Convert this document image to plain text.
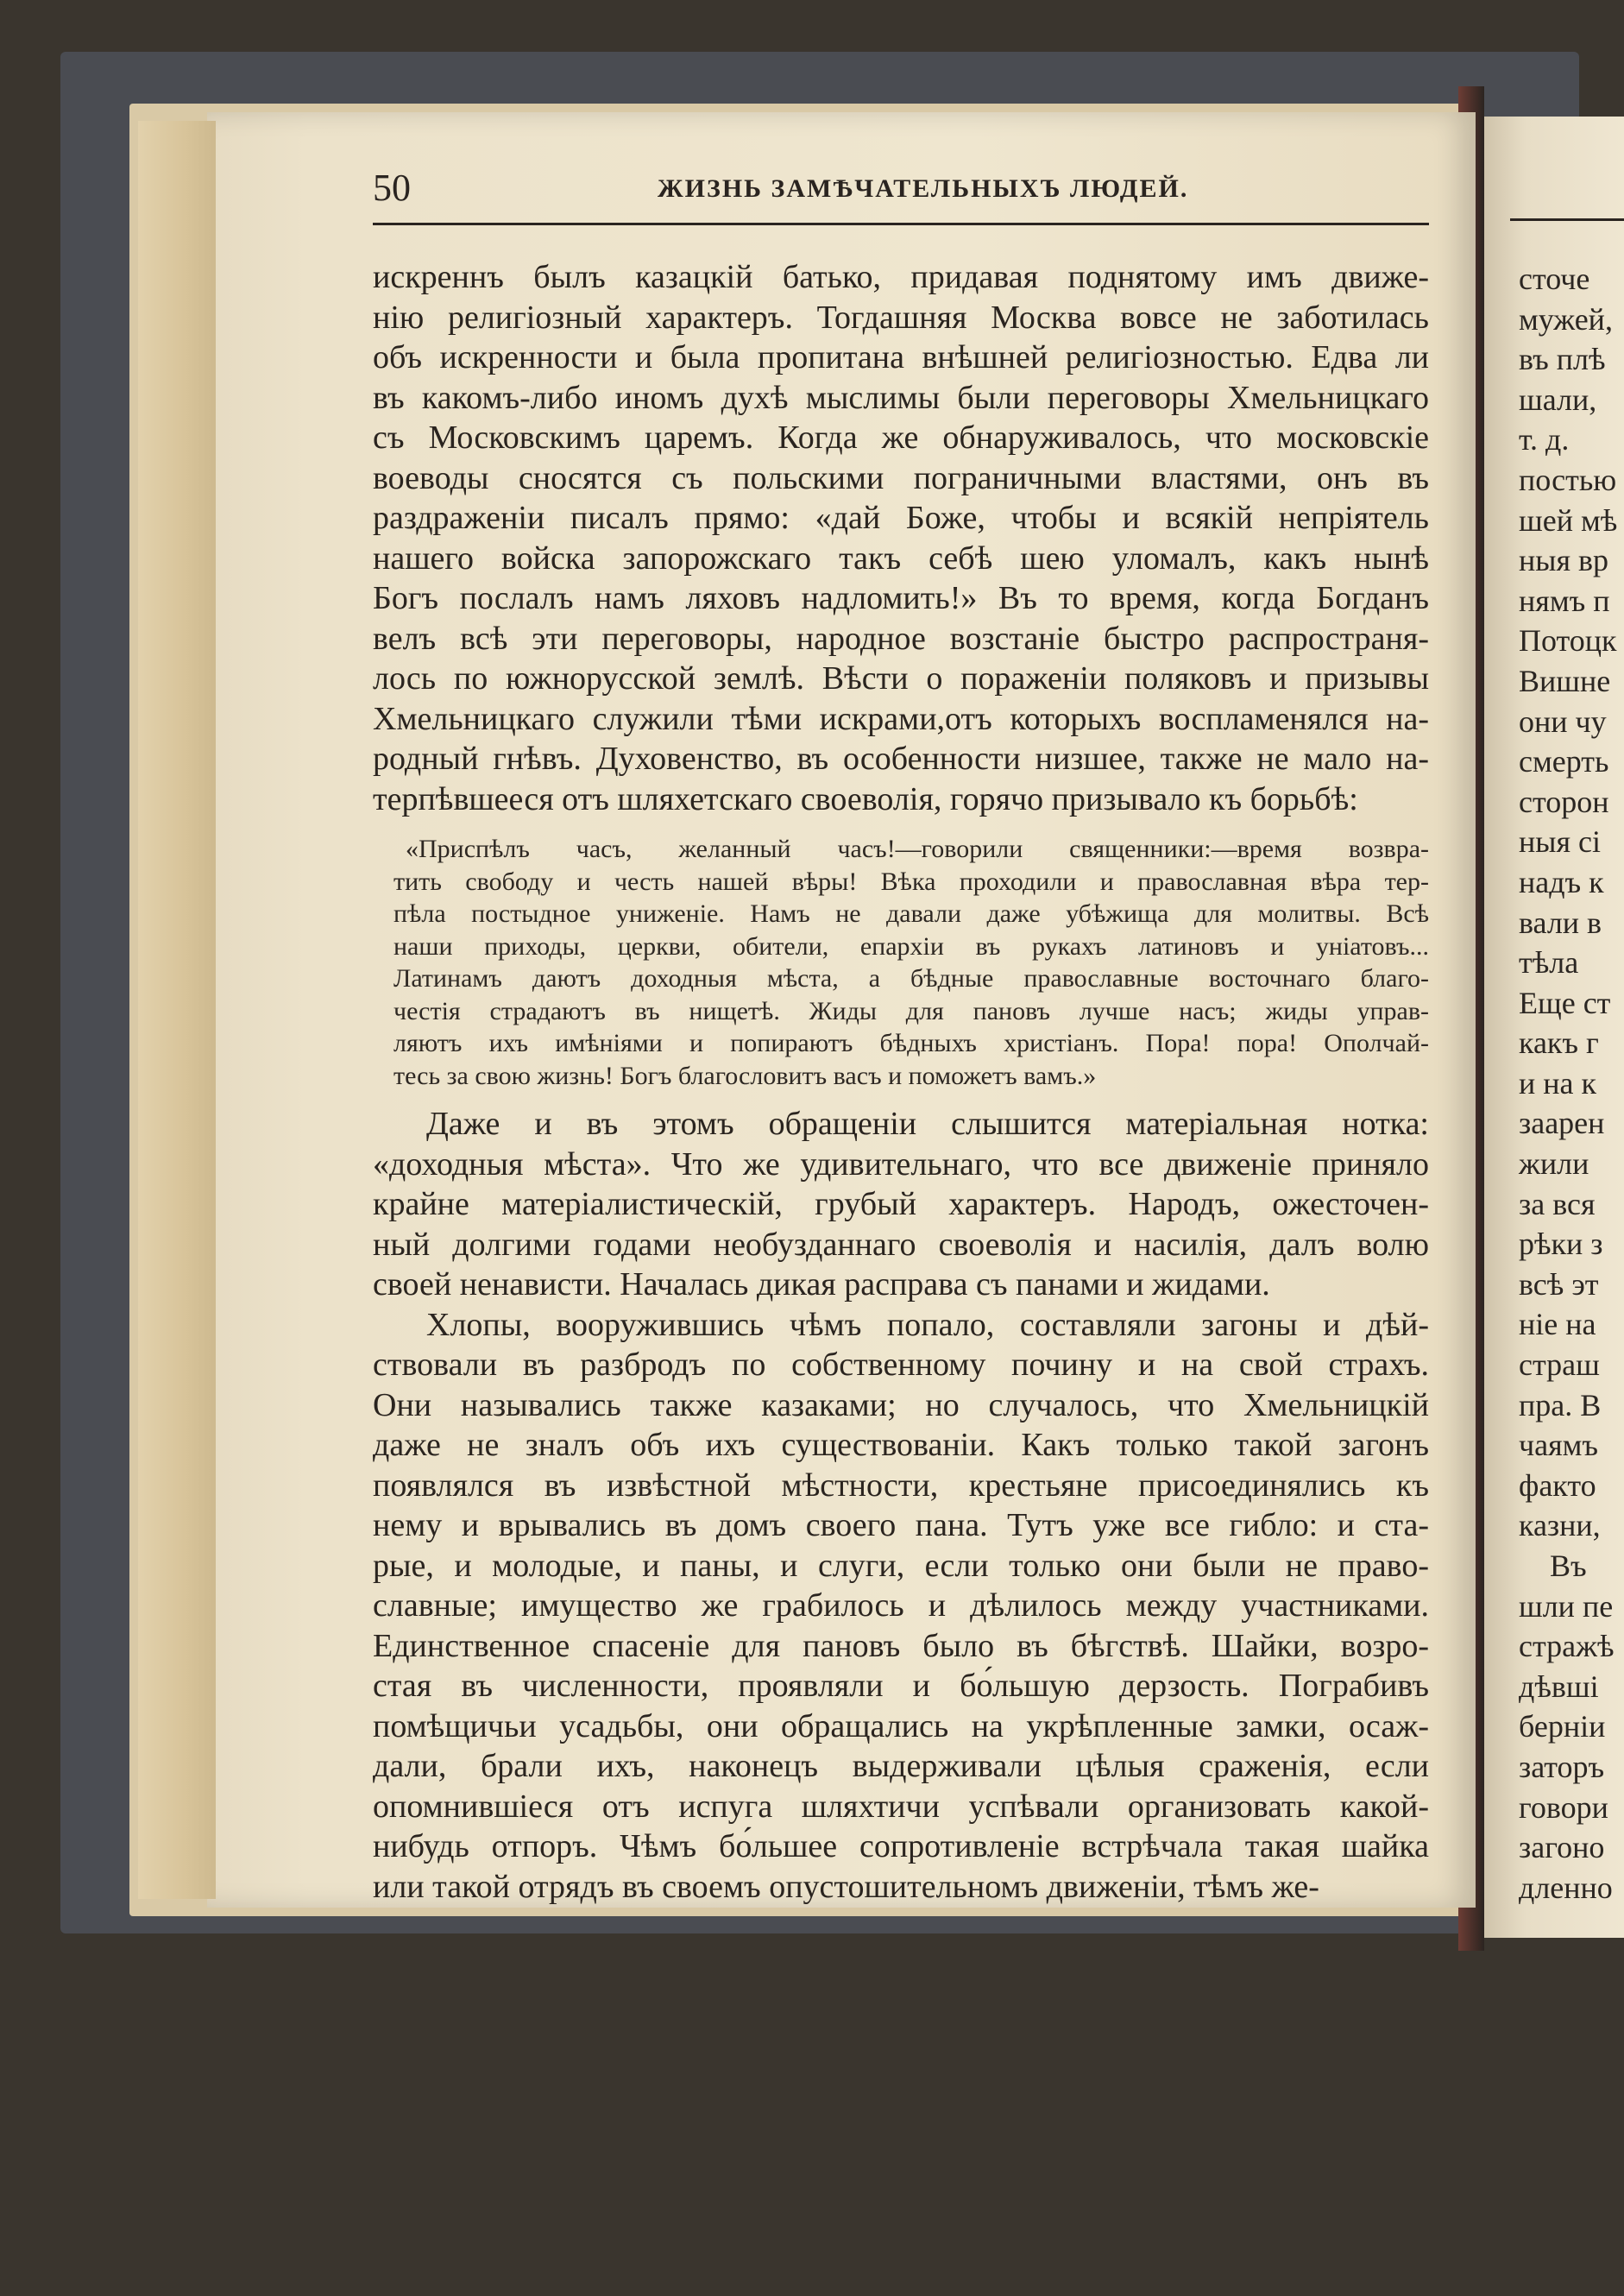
сточе
мужей,
въ плѣ
шали,
т. д.
постью
шей мѣ
ныя вр
нямъ п
Потоцк
Вишне
они чу
смерть
сторон
ныя сі
надъ к
вали в
тѣла
Еще ст
какъ г
и на к
заарен
жили
за вся
рѣки з
всѣ эт
ніе на
страш
пра. В
чаямъ
факто
казни,
Въ
шли пе
стражѣ
дѣвші
берніи
заторъ
говори
загоно
дленно
50	ЖИЗНЬ ЗАМѢЧАТЕЛЬНЫХЪ ЛЮДЕЙ.
искреннъ былъ казацкій батько, придавая поднятому имъ движе-
нію религіозный характеръ. Тогдашняя Москва вовсе не заботилась
объ искренности и была пропитана внѣшней религіозностью. Едва ли
въ какомъ-либо иномъ духѣ мыслимы были переговоры Хмельницкаго
съ Московскимъ царемъ. Когда же обнаруживалось, что московскіе
воеводы сносятся съ польскими пограничными властями, онъ въ
раздраженіи писалъ прямо: «дай Боже, чтобы и всякій непріятель
нашего войска запорожскаго такъ себѣ шею уломалъ, какъ нынѣ
Богъ послалъ намъ ляховъ надломить!» Въ то время, когда Богданъ
велъ всѣ эти переговоры, народное возстаніе быстро распространя-
лось по южнорусской землѣ. Вѣсти о пораженіи поляковъ и призывы
Хмельницкаго служили тѣми искрами,отъ которыхъ воспламенялся на-
родный гнѣвъ. Духовенство, въ особенности низшее, также не мало на-
терпѣвшееся отъ шляхетскаго своеволія, горячо призывало къ борьбѣ:
«Приспѣлъ часъ, желанный часъ!—говорили священники:—время возвра-
тить свободу и честь нашей вѣры! Вѣка проходили и православная вѣра тер-
пѣла постыдное униженіе. Намъ не давали даже убѣжища для молитвы. Всѣ
наши приходы, церкви, обители, епархіи въ рукахъ латиновъ и уніатовъ...
Латинамъ даютъ доходныя мѣста, а бѣдные православные восточнаго благо-
честія страдаютъ въ нищетѣ. Жиды для пановъ лучше насъ; жиды управ-
ляютъ ихъ имѣніями и попираютъ бѣдныхъ христіанъ. Пора! пора! Ополчай-
тесь за свою жизнь! Богъ благословитъ васъ и поможетъ вамъ.»
Даже и въ этомъ обращеніи слышится матеріальная нотка:
«доходныя мѣста». Что же удивительнаго, что все движеніе приняло
крайне матеріалистическій, грубый характеръ. Народъ, ожесточен-
ный долгими годами необузданнаго своеволія и насилія, далъ волю
своей ненависти. Началась дикая расправа съ панами и жидами.
Хлопы, вооружившись чѣмъ попало, составляли загоны и дѣй-
ствовали въ разбродъ по собственному почину и на свой страхъ.
Они назывались также казаками; но случалось, что Хмельницкій
даже не зналъ объ ихъ существованіи. Какъ только такой загонъ
появлялся въ извѣстной мѣстности, крестьяне присоединялись къ
нему и врывались въ домъ своего пана. Тутъ уже все гибло: и ста-
рые, и молодые, и паны, и слуги, если только они были не право-
славные; имущество же грабилось и дѣлилось между участниками.
Единственное спасеніе для пановъ было въ бѣгствѣ. Шайки, возро-
стая въ численности, проявляли и бо́льшую дерзость. Пограбивъ
помѣщичьи усадьбы, они обращались на укрѣпленные замки, осаж-
дали, брали ихъ, наконецъ выдерживали цѣлыя сраженія, если
опомнившіеся отъ испуга шляхтичи успѣвали организовать какой-
нибудь отпоръ. Чѣмъ бо́льшее сопротивленіе встрѣчала такая шайка
или такой отрядъ въ своемъ опустошительномъ движеніи, тѣмъ же-
